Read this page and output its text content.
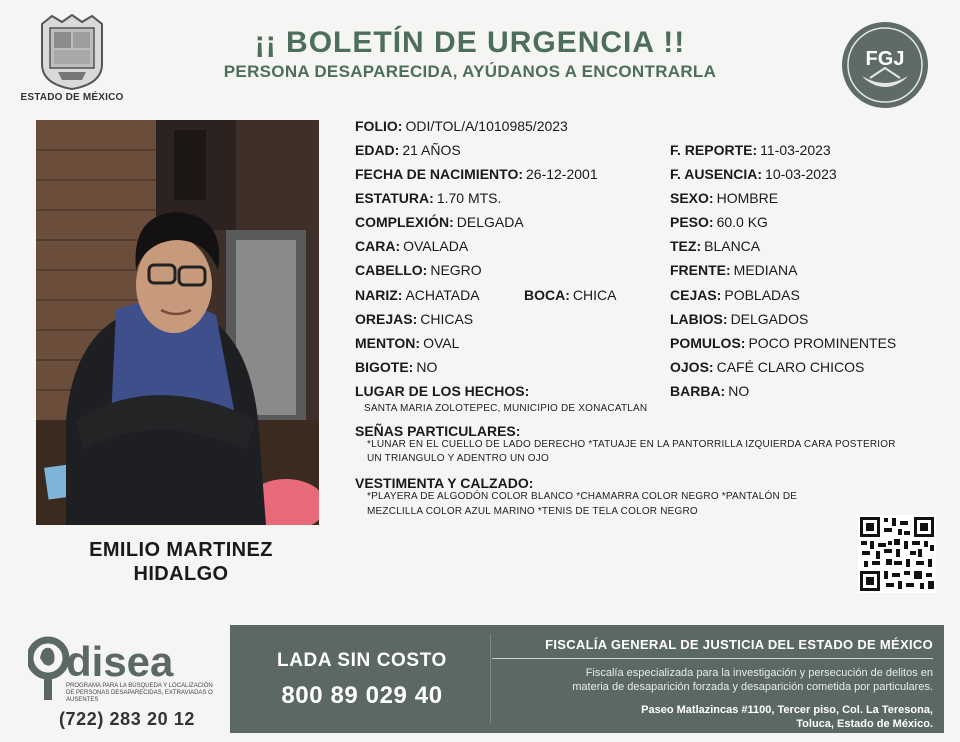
ESTADO DE MÉXICO
¡¡ BOLETÍN DE URGENCIA !!
PERSONA DESAPARECIDA, AYÚDANOS A ENCONTRARLA
FGJ
EMILIO MARTINEZ
HIDALGO
FOLIO: ODI/TOL/A/1010985/2023
EDAD: 21 AÑOS
FECHA DE NACIMIENTO: 26-12-2001
ESTATURA: 1.70 MTS.
COMPLEXIÓN: DELGADA
CARA: OVALADA
CABELLO: NEGRO
NARIZ: ACHATADA	BOCA: CHICA
OREJAS: CHICAS
MENTON: OVAL
BIGOTE: NO
F. REPORTE: 11-03-2023
F. AUSENCIA: 10-03-2023
SEXO: HOMBRE
PESO: 60.0 KG
TEZ: BLANCA
FRENTE: MEDIANA
CEJAS: POBLADAS
LABIOS: DELGADOS
POMULOS: POCO PROMINENTES
OJOS: CAFÉ CLARO CHICOS
BARBA: NO
LUGAR DE LOS HECHOS:
SANTA MARIA ZOLOTEPEC, MUNICIPIO DE XONACATLAN
SEÑAS PARTICULARES:
*LUNAR EN EL CUELLO DE LADO DERECHO *TATUAJE EN LA PANTORRILLA IZQUIERDA CARA POSTERIOR
UN TRIANGULO Y ADENTRO UN OJO
VESTIMENTA Y CALZADO:
*PLAYERA DE ALGODÓN COLOR BLANCO *CHAMARRA COLOR NEGRO *PANTALÓN DE
MEZCLILLA COLOR AZUL MARINO *TENIS DE TELA COLOR NEGRO
disea
PROGRAMA PARA LA BÚSQUEDA Y LOCALIZACIÓN
DE PERSONAS DESAPARECIDAS, EXTRAVIADAS O
AUSENTES
(722) 283 20 12
LADA SIN COSTO
800 89 029 40
FISCALÍA GENERAL DE JUSTICIA DEL ESTADO DE MÉXICO
Fiscalía especializada para la investigación y persecución de delitos en
materia de desaparición forzada y desaparición cometida por particulares.
Paseo Matlazincas #1100, Tercer piso, Col. La Teresona,
Toluca, Estado de México.
